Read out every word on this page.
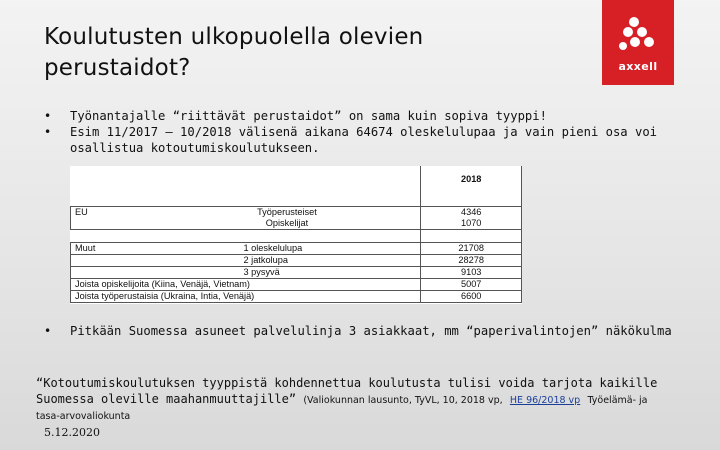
Koulutusten ulkopuolella olevien perustaidot?	axxell
• Työnantajalle “riittävät perustaidot” on sama kuin sopiva tyyppi!
• Esim 11/2017 – 10/2018 välisenä aikana 64674 oleskelulupaa ja vain pieni osa voi osallistua kotoutumiskoulutukseen.
		2018
EU	Työperusteiset	4346
	Opiskelijat	1070

Muut	1 oleskelulupa	21708
	2 jatkolupa	28278
	3 pysyvä	9103
Joista opiskelijoita (Kiina, Venäjä, Vietnam)		5007
Joista työperustaisia (Ukraina, Intia, Venäjä)		6600
• Pitkään Suomessa asuneet palvelulinja 3 asiakkaat, mm “paperivalintojen” näkökulma
“Kotoutumiskoulutuksen tyyppistä kohdennettua koulutusta tulisi voida tarjota kaikille
Suomessa oleville maahanmuuttajille” (Valiokunnan lausunto, TyVL, 10, 2018 vp, HE 96/2018 vp Työelämä- ja
tasa-arvovaliokunta
5.12.2020
